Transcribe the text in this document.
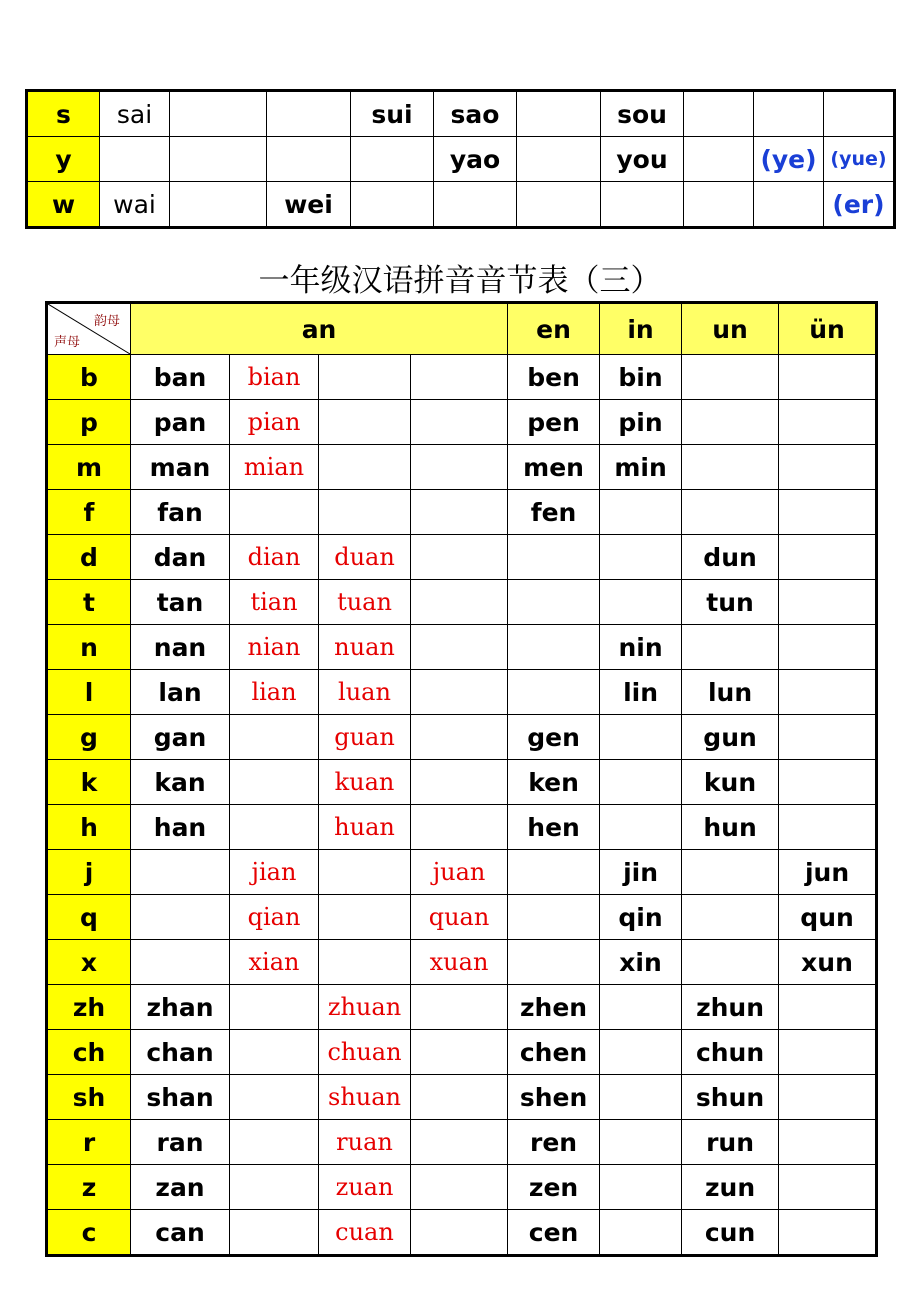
s	sai			sui	sao		sou			
y					yao		you		(ye)	(yue)
w	wai		wei							(er)
一年级汉语拼音音节表（三）
韵母
声母	an				en	in	un	ün
b	ban	bian			ben	bin		
p	pan	pian			pen	pin		
m	man	mian			men	min		
f	fan				fen			
d	dan	dian	duan				dun	
t	tan	tian	tuan				tun	
n	nan	nian	nuan			nin		
l	lan	lian	luan			lin	lun	
g	gan		guan		gen		gun	
k	kan		kuan		ken		kun	
h	han		huan		hen		hun	
j		jian		juan		jin		jun
q		qian		quan		qin		qun
x		xian		xuan		xin		xun
zh	zhan		zhuan		zhen		zhun	
ch	chan		chuan		chen		chun	
sh	shan		shuan		shen		shun	
r	ran		ruan		ren		run	
z	zan		zuan		zen		zun	
c	can		cuan		cen		cun	
